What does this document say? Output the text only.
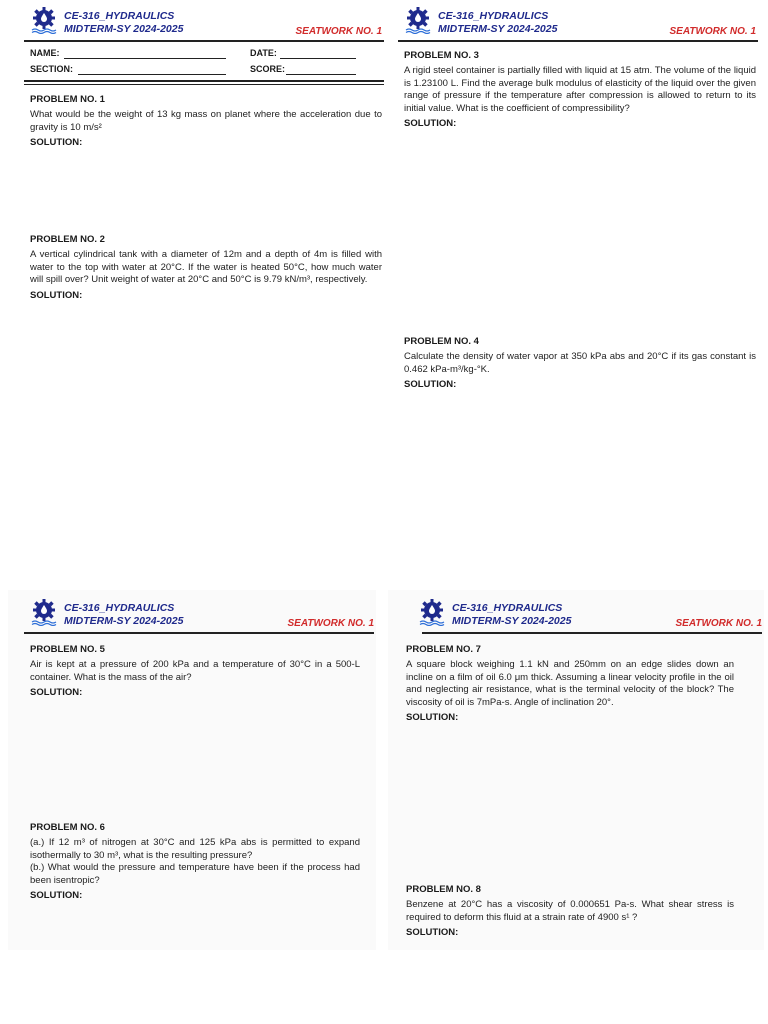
CE-316_HYDRAULICS
MIDTERM-SY 2024-2025	SEATWORK NO. 1
NAME:	DATE:
SECTION:	SCORE:
PROBLEM NO. 1
What would be the weight of 13 kg mass on planet where the acceleration due to gravity is 10 m/s²
SOLUTION:
PROBLEM NO. 2
A vertical cylindrical tank with a diameter of 12m and a depth of 4m is filled with water to the top with water at 20°C. If the water is heated 50°C, how much water will spill over? Unit weight of water at 20°C and 50°C is 9.79 kN/m³, respectively.
SOLUTION:
CE-316_HYDRAULICS
MIDTERM-SY 2024-2025	SEATWORK NO. 1
PROBLEM NO. 3
A rigid steel container is partially filled with liquid at 15 atm. The volume of the liquid is 1.23100 L. Find the average bulk modulus of elasticity of the liquid over the given range of pressure if the temperature after compression is allowed to return to its initial value. What is the coefficient of compressibility?
SOLUTION:
PROBLEM NO. 4
Calculate the density of water vapor at 350 kPa abs and 20°C if its gas constant is 0.462 kPa-m³/kg-°K.
SOLUTION:
CE-316_HYDRAULICS
MIDTERM-SY 2024-2025	SEATWORK NO. 1
PROBLEM NO. 5
Air is kept at a pressure of 200 kPa and a temperature of 30°C in a 500-L container. What is the mass of the air?
SOLUTION:
PROBLEM NO. 6
(a.) If 12 m³ of nitrogen at 30°C and 125 kPa abs is permitted to expand isothermally to 30 m³, what is the resulting pressure?
(b.) What would the pressure and temperature have been if the process had been isentropic?
SOLUTION:
CE-316_HYDRAULICS
MIDTERM-SY 2024-2025	SEATWORK NO. 1
PROBLEM NO. 7
A square block weighing 1.1 kN and 250mm on an edge slides down an incline on a film of oil 6.0 μm thick. Assuming a linear velocity profile in the oil and neglecting air resistance, what is the terminal velocity of the block? The viscosity of oil is 7mPa-s. Angle of inclination 20°.
SOLUTION:
PROBLEM NO. 8
Benzene at 20°C has a viscosity of 0.000651 Pa-s. What shear stress is required to deform this fluid at a strain rate of 4900 s¹ ?
SOLUTION:
